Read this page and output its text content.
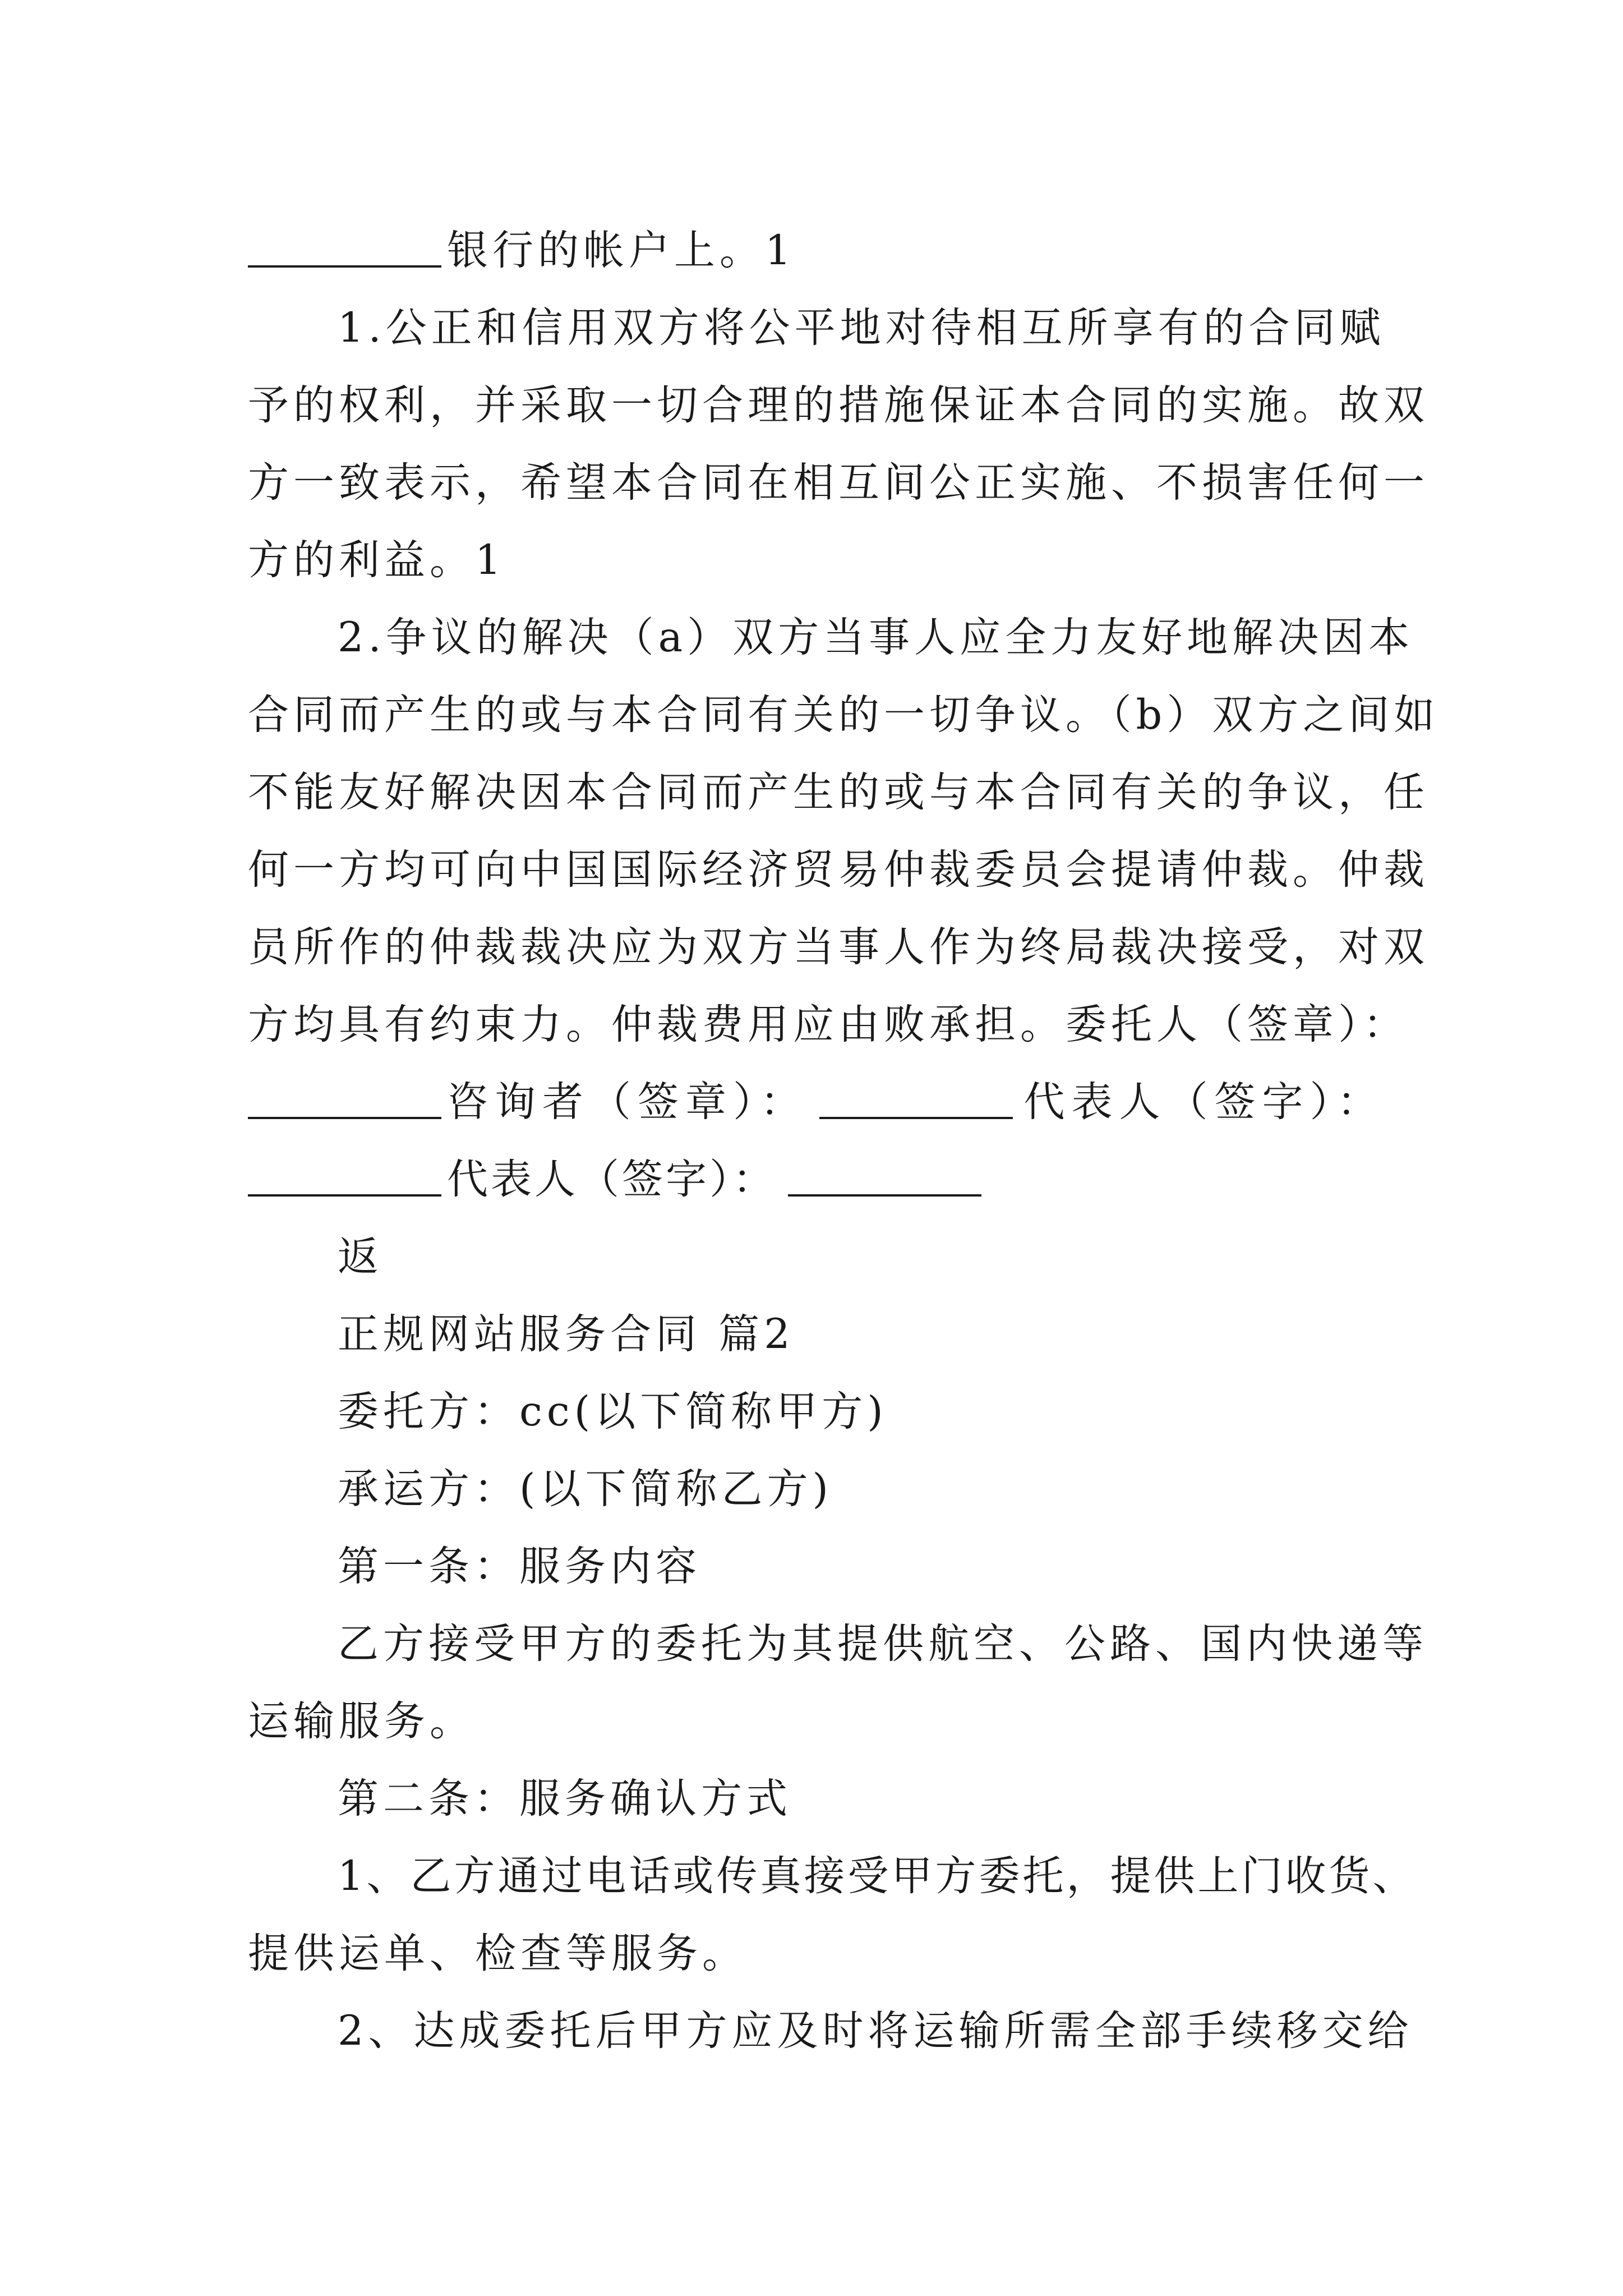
银行的帐户上。1
1.公正和信用双方将公平地对待相互所享有的合同赋
予的权利，并采取一切合理的措施保证本合同的实施。故双
方一致表示，希望本合同在相互间公正实施、不损害任何一
方的利益。1
2.争议的解决（a）双方当事人应全力友好地解决因本
合同而产生的或与本合同有关的一切争议。（b）双方之间如
不能友好解决因本合同而产生的或与本合同有关的争议，任
何一方均可向中国国际经济贸易仲裁委员会提请仲裁。仲裁
员所作的仲裁裁决应为双方当事人作为终局裁决接受，对双
方均具有约束力。仲裁费用应由败承担。委托人（签章）：
咨询者（签章）：	代表人（签字）：
代表人（签字）：
返
正规网站服务合同 篇2
委托方：cc(以下简称甲方)
承运方：(以下简称乙方)
第一条：服务内容
乙方接受甲方的委托为其提供航空、公路、国内快递等
运输服务。
第二条：服务确认方式
1、乙方通过电话或传真接受甲方委托，提供上门收货、
提供运单、检查等服务。
2、达成委托后甲方应及时将运输所需全部手续移交给
